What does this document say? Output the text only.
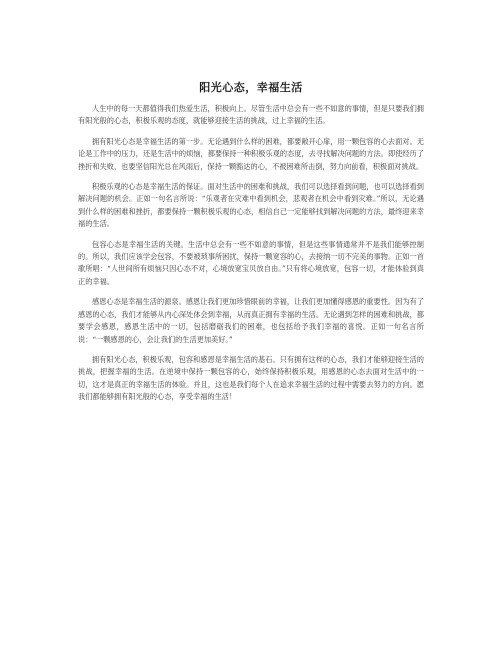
阳光心态，幸福生活

人生中的每一天都值得我们热爱生活，积极向上。尽管生活中总会有一些不如意的事情，但是只要我们拥有阳光般的心态，积极乐观的态度，就能够迎接生活的挑战，过上幸福的生活。

拥有阳光心态是幸福生活的第一步。无论遇到什么样的困难，都要敞开心扉，用一颗包容的心去面对。无论是工作中的压力，还是生活中的烦恼，都要保持一种积极乐观的态度，去寻找解决问题的方法。即使经历了挫折和失败，也要坚信阳光总在风雨后，保持一颗豁达的心，不被困难所击倒，努力向前看，积极面对挑战。

积极乐观的心态是幸福生活的保证。面对生活中的困难和挑战，我们可以选择看到问题，也可以选择看到解决问题的机会。正如一句名言所说：“乐观者在灾难中看到机会，悲观者在机会中看到灾难。”所以，无论遇到什么样的困难和挫折，都要保持一颗积极乐观的心态，相信自己一定能够找到解决问题的方法，最终迎来幸福的生活。

包容心态是幸福生活的关键。生活中总会有一些不如意的事情，但是这些事情通常并不是我们能够控制的。所以，我们应该学会包容，不要被琐事所困扰，保持一颗宽容的心，去接纳一切不完美的事物。正如一首歌所唱：“人世间所有烦恼只因心态不对，心境放宽宝贝放自由。”只有将心境放宽，包容一切，才能体验到真正的幸福。

感恩心态是幸福生活的源泉。感恩让我们更加珍惜眼前的幸福，让我们更加懂得感恩的重要性。因为有了感恩的心态，我们才能够从内心深处体会到幸福，从而真正拥有幸福的生活。无论遇到怎样的困难和挑战，都要学会感恩，感恩生活中的一切，包括磨砺我们的困难，也包括给予我们幸福的喜悦。正如一句名言所说：“一颗感恩的心，会让我们的生活更加美好。”

拥有阳光心态，积极乐观，包容和感恩是幸福生活的基石。只有拥有这样的心态，我们才能够迎接生活的挑战，把握幸福的生活。在逆境中保持一颗包容的心，始终保持积极乐观，用感恩的心态去面对生活中的一切，这才是真正的幸福生活的体验。并且，这也是我们每个人在追求幸福生活的过程中需要去努力的方向。愿我们都能够拥有阳光般的心态，享受幸福的生活！
